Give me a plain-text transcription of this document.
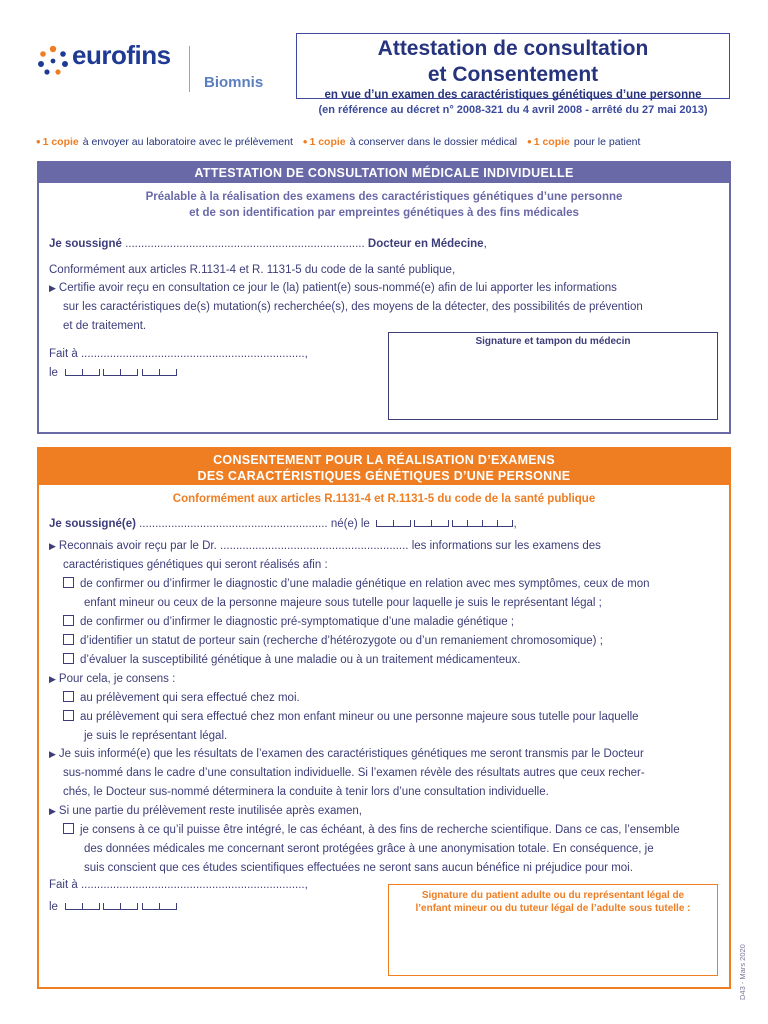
eurofins
Biomnis
Attestation de consultation
et Consentement
en vue d’un examen des caractéristiques génétiques d’une personne
(en référence au décret n° 2008-321 du 4 avril 2008 - arrêté du 27 mai 2013)
• 1 copie à envoyer au laboratoire avec le prélèvement • 1 copie à conserver dans le dossier médical • 1 copie pour le patient
ATTESTATION DE CONSULTATION MÉDICALE INDIVIDUELLE
Préalable à la réalisation des examens des caractéristiques génétiques d’une personne
et de son identification par empreintes génétiques à des fins médicales
Je soussigné ........................................................................... Docteur en Médecine,
Conformément aux articles R.1131-4 et R. 1131-5 du code de la santé publique,
▶ Certifie avoir reçu en consultation ce jour le (la) patient(e) sous-nommé(e) afin de lui apporter les informations
sur les caractéristiques de(s) mutation(s) recherchée(s), des moyens de la détecter, des possibilités de prévention
et de traitement.
Fait à ......................................................................,
le
Signature et tampon du médecin
CONSENTEMENT POUR LA RÉALISATION D’EXAMENS
DES CARACTÉRISTIQUES GÉNÉTIQUES D’UNE PERSONNE
Conformément aux articles R.1131-4 et R.1131-5 du code de la santé publique
Je soussigné(e) ........................................................... né(e) le	,
▶ Reconnais avoir reçu par le Dr. ........................................................... les informations sur les examens des
caractéristiques génétiques qui seront réalisés afin :
de confirmer ou d’infirmer le diagnostic d’une maladie génétique en relation avec mes symptômes, ceux de mon
enfant mineur ou ceux de la personne majeure sous tutelle pour laquelle je suis le représentant légal ;
de confirmer ou d’infirmer le diagnostic pré-symptomatique d’une maladie génétique ;
d’identifier un statut de porteur sain (recherche d’hétérozygote ou d’un remaniement chromosomique) ;
d’évaluer la susceptibilité génétique à une maladie ou à un traitement médicamenteux.
▶ Pour cela, je consens :
au prélèvement qui sera effectué chez moi.
au prélèvement qui sera effectué chez mon enfant mineur ou une personne majeure sous tutelle pour laquelle
je suis le représentant légal.
▶ Je suis informé(e) que les résultats de l’examen des caractéristiques génétiques me seront transmis par le Docteur
sus-nommé dans le cadre d’une consultation individuelle. Si l’examen révèle des résultats autres que ceux recher-
chés, le Docteur sus-nommé déterminera la conduite à tenir lors d’une consultation individuelle.
▶ Si une partie du prélèvement reste inutilisée après examen,
je consens à ce qu’il puisse être intégré, le cas échéant, à des fins de recherche scientifique. Dans ce cas, l’ensemble
des données médicales me concernant seront protégées grâce à une anonymisation totale. En conséquence, je
suis conscient que ces études scientifiques effectuées ne seront sans aucun bénéfice ni préjudice pour moi.
Fait à ......................................................................,
le
Signature du patient adulte ou du représentant légal de
l’enfant mineur ou du tuteur légal de l’adulte sous tutelle :
D43 - Mars 2020
